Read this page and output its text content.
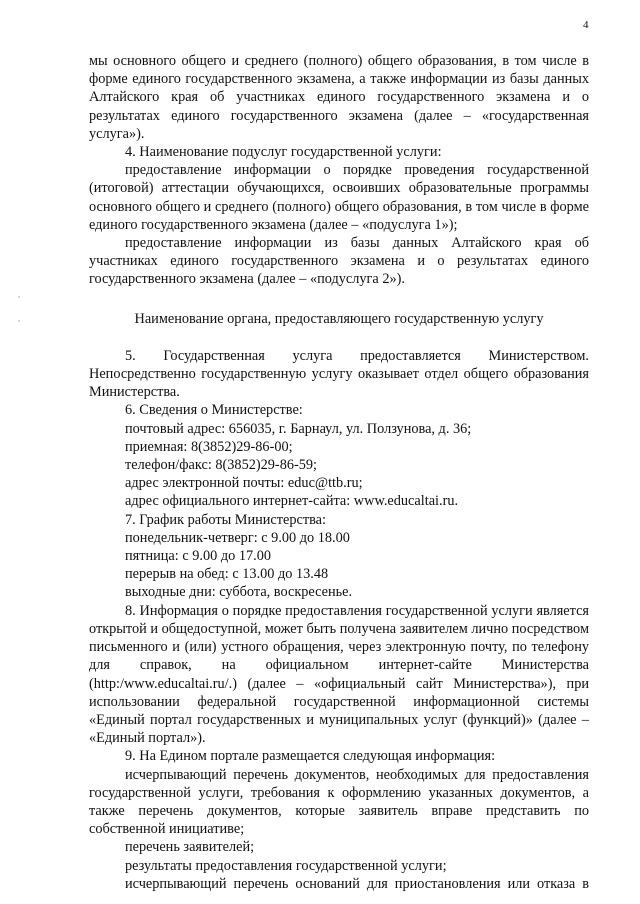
4

мы основного общего и среднего (полного) общего образования, в том числе в форме единого государственного экзамена, а также информации из базы данных Алтайского края об участниках единого государственного экзамена и о результатах единого государственного экзамена (далее – «государственная услуга»).

4. Наименование подуслуг государственной услуги:

предоставление информации о порядке проведения государственной (итоговой) аттестации обучающихся, освоивших образовательные программы основного общего и среднего (полного) общего образования, в том числе в форме единого государственного экзамена (далее – «подуслуга 1»);

предоставление информации из базы данных Алтайского края об участниках единого государственного экзамена и о результатах единого государственного экзамена (далее – «подуслуга 2»).

Наименование органа, предоставляющего государственную услугу

5. Государственная услуга предоставляется Министерством. Непосредственно государственную услугу оказывает отдел общего образования Министерства.

6. Сведения о Министерстве:

почтовый адрес: 656035, г. Барнаул, ул. Ползунова, д. 36;

приемная: 8(3852)29-86-00;

телефон/факс: 8(3852)29-86-59;

адрес электронной почты: educ@ttb.ru;

адрес официального интернет-сайта: www.educaltai.ru.

7. График работы Министерства:

понедельник-четверг: с 9.00 до 18.00

пятница: с 9.00 до 17.00

перерыв на обед: с 13.00 до 13.48

выходные дни: суббота, воскресенье.

8. Информация о порядке предоставления государственной услуги является открытой и общедоступной, может быть получена заявителем лично посредством письменного и (или) устного обращения, через электронную почту, по телефону для справок, на официальном интернет-сайте Министерства (http:/www.educaltai.ru/.) (далее – «официальный сайт Министерства»), при использовании федеральной государственной информационной системы «Единый портал государственных и муниципальных услуг (функций)» (далее – «Единый портал»).

9. На Едином портале размещается следующая информация:

исчерпывающий перечень документов, необходимых для предоставления государственной услуги, требования к оформлению указанных документов, а также перечень документов, которые заявитель вправе представить по собственной инициативе;

перечень заявителей;

результаты предоставления государственной услуги;

исчерпывающий перечень оснований для приостановления или отказа в
